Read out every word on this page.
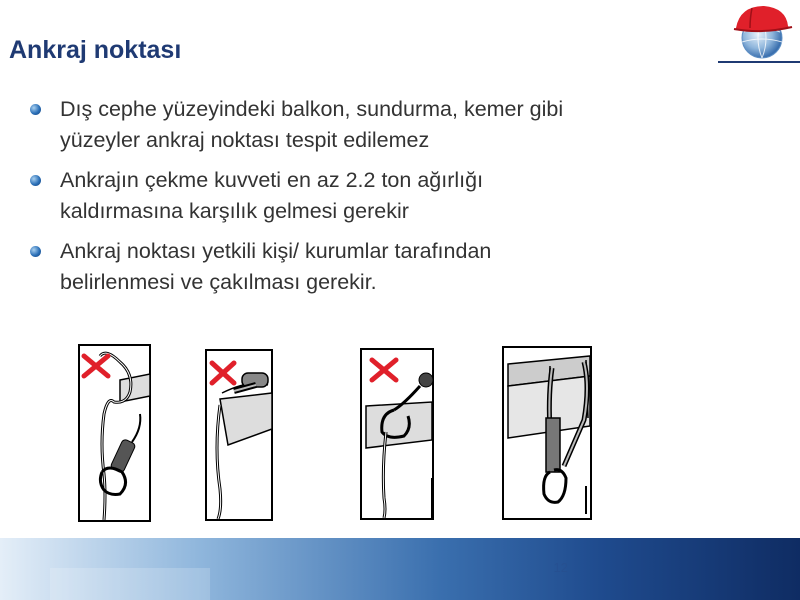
Ankraj noktası
Dış cephe yüzeyindeki balkon, sundurma, kemer gibi
yüzeyler ankraj noktası tespit edilemez
Ankrajın çekme kuvveti en az 2.2 ton ağırlığı
kaldırmasına karşılık gelmesi gerekir
Ankraj noktası yetkili kişi/ kurumlar tarafından
belirlenmesi ve çakılması gerekir.
12
